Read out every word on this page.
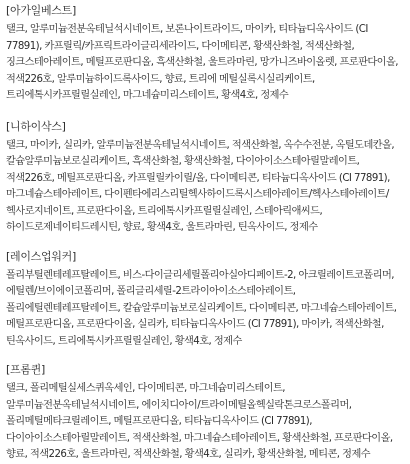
[아가일베스트]

탤크, 알루미늄전분옥테닐석시네이트, 보론나이트라이드, 마이카, 티타늄디옥사이드 (CI 77891), 카프릴릭/카프릭트라이글리세라이드, 다이메티콘, 황색산화철, 적색산화철, 징크스테아레이트, 메틸프로판디올, 흑색산화철, 울트라마린, 망가니즈바이올렛, 프로판다이올, 적색226호, 알루미늄하이드록사이드, 향료, 트리에 메틸실록시실리케이트, 트리에톡시카프릴릴실레인, 마그네슘미리스테이트, 황색4호, 정제수

[니하이삭스]

탤크, 마이카, 실리카, 알루미늄전분옥테닐석시네이트, 적색산화철, 옥수수전분, 옥틸도데칸올, 칼슘알루미늄보로실리케이트, 흑색산화철, 황색산화철, 다이아이소스테아릴말레이트, 적색226호, 메틸프로판디올, 카프릴릴카이릴/올, 다이메티콘, 티타늄디옥사이드 (CI 77891), 마그네슘스테아레이트, 다이펜타에리스리틸헥사하이드록시스테아레이트/헥사스테아레이트/헥사로지네이트, 프로판다이올, 트리에톡시카프릴릴실레인, 스테아릭애씨드, 하이드로제네이티드레시틴, 향료, 황색4호, 울트라마린, 틴옥사이드, 정제수

[레이스업워커]

폴리부틸렌테레프탈레이트, 비스-다이글리세릴폴리아실아디페이트-2, 아크릴레이트코폴리머, 에틸렌/브이에이코폴리머, 폴리글리세릴-2트라이아이소스테아레이트, 폴리에틸렌테레프탈레이트, 칼슘알루미늄보로실리케이트, 다이메티콘, 마그네슘스테아레이트, 메틸프로판디올, 프로판다이올, 실리카, 티타늄디옥사이드 (CI 77891), 마이카, 적색산화철, 틴옥사이드, 트리에톡시카프릴릴실레인, 황색4호, 정제수

[프롬퀸]

탤크, 폴리메틸실세스퀴옥세인, 다이메티콘, 마그네슘미리스테이트, 알루미늄전분옥테닐석시네이트, 에이치디아이/트라이메틸올헥실락톤크로스폴리머, 폴리메틸메타크릴레이트, 메틸프로판디올, 티타늄디옥사이드 (CI 77891), 다이아이소스테아릴말레이트, 적색산화철, 마그네슘스테아레이트, 황색산화철, 프로판다이올, 향료, 적색226호, 울트라마린, 적색산화철, 황색4호, 실리카, 황색산화철, 메티콘, 정제수
